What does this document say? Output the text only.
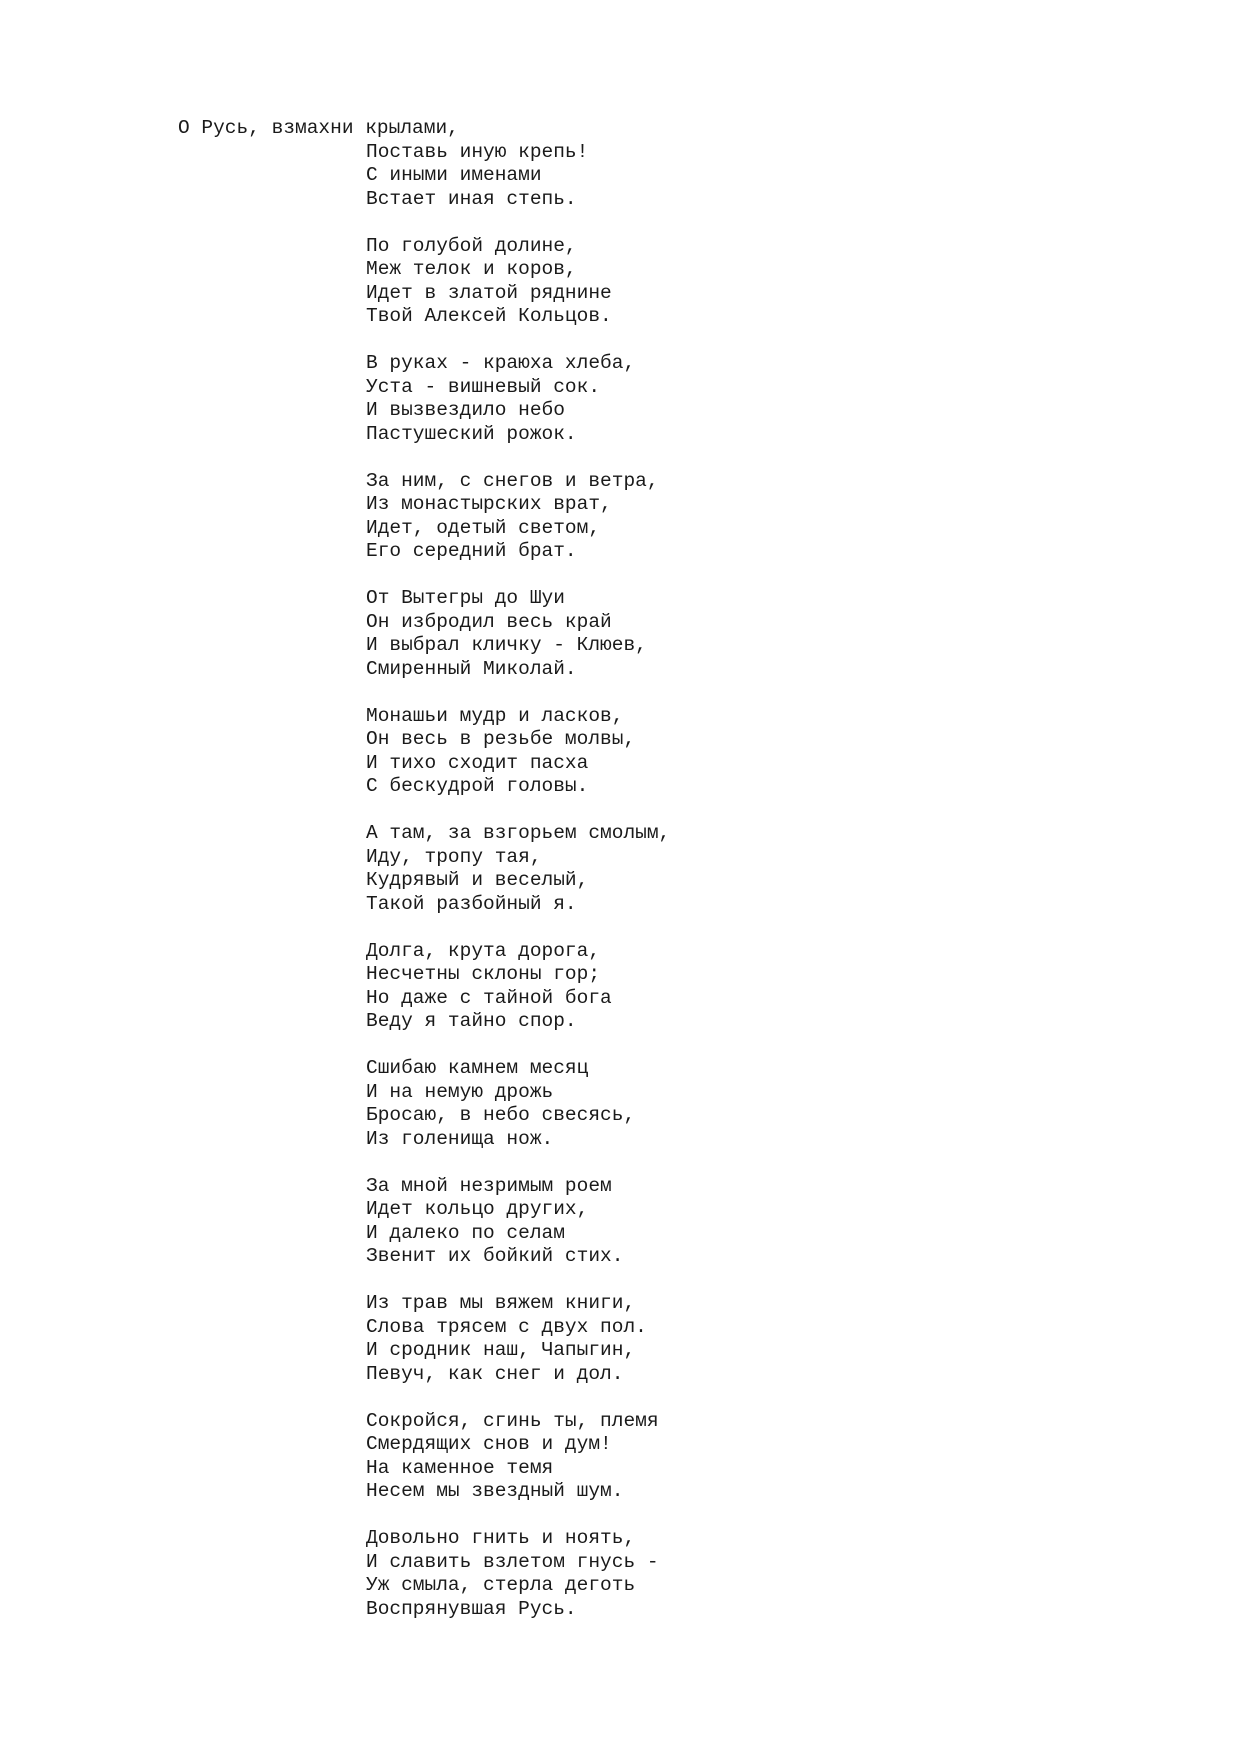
О Русь, взмахни крылами,
Поставь иную крепь!
С иными именами
Встает иная степь.
По голубой долине,
Меж телок и коров,
Идет в златой ряднине
Твой Алексей Кольцов.
В руках - краюха хлеба,
Уста - вишневый сок.
И вызвездило небо
Пастушеский рожок.
За ним, с снегов и ветра,
Из монастырских врат,
Идет, одетый светом,
Его середний брат.
От Вытегры до Шуи
Он избродил весь край
И выбрал кличку - Клюев,
Смиренный Миколай.
Монашьи мудр и ласков,
Он весь в резьбе молвы,
И тихо сходит пасха
С бескудрой головы.
А там, за взгорьем смолым,
Иду, тропу тая,
Кудрявый и веселый,
Такой разбойный я.
Долга, крута дорога,
Несчетны склоны гор;
Но даже с тайной бога
Веду я тайно спор.
Сшибаю камнем месяц
И на немую дрожь
Бросаю, в небо свесясь,
Из голенища нож.
За мной незримым роем
Идет кольцо других,
И далеко по селам
Звенит их бойкий стих.
Из трав мы вяжем книги,
Слова трясем с двух пол.
И сродник наш, Чапыгин,
Певуч, как снег и дол.
Сокройся, сгинь ты, племя
Смердящих снов и дум!
На каменное темя
Несем мы звездный шум.
Довольно гнить и ноять,
И славить взлетом гнусь -
Уж смыла, стерла деготь
Воспрянувшая Русь.
